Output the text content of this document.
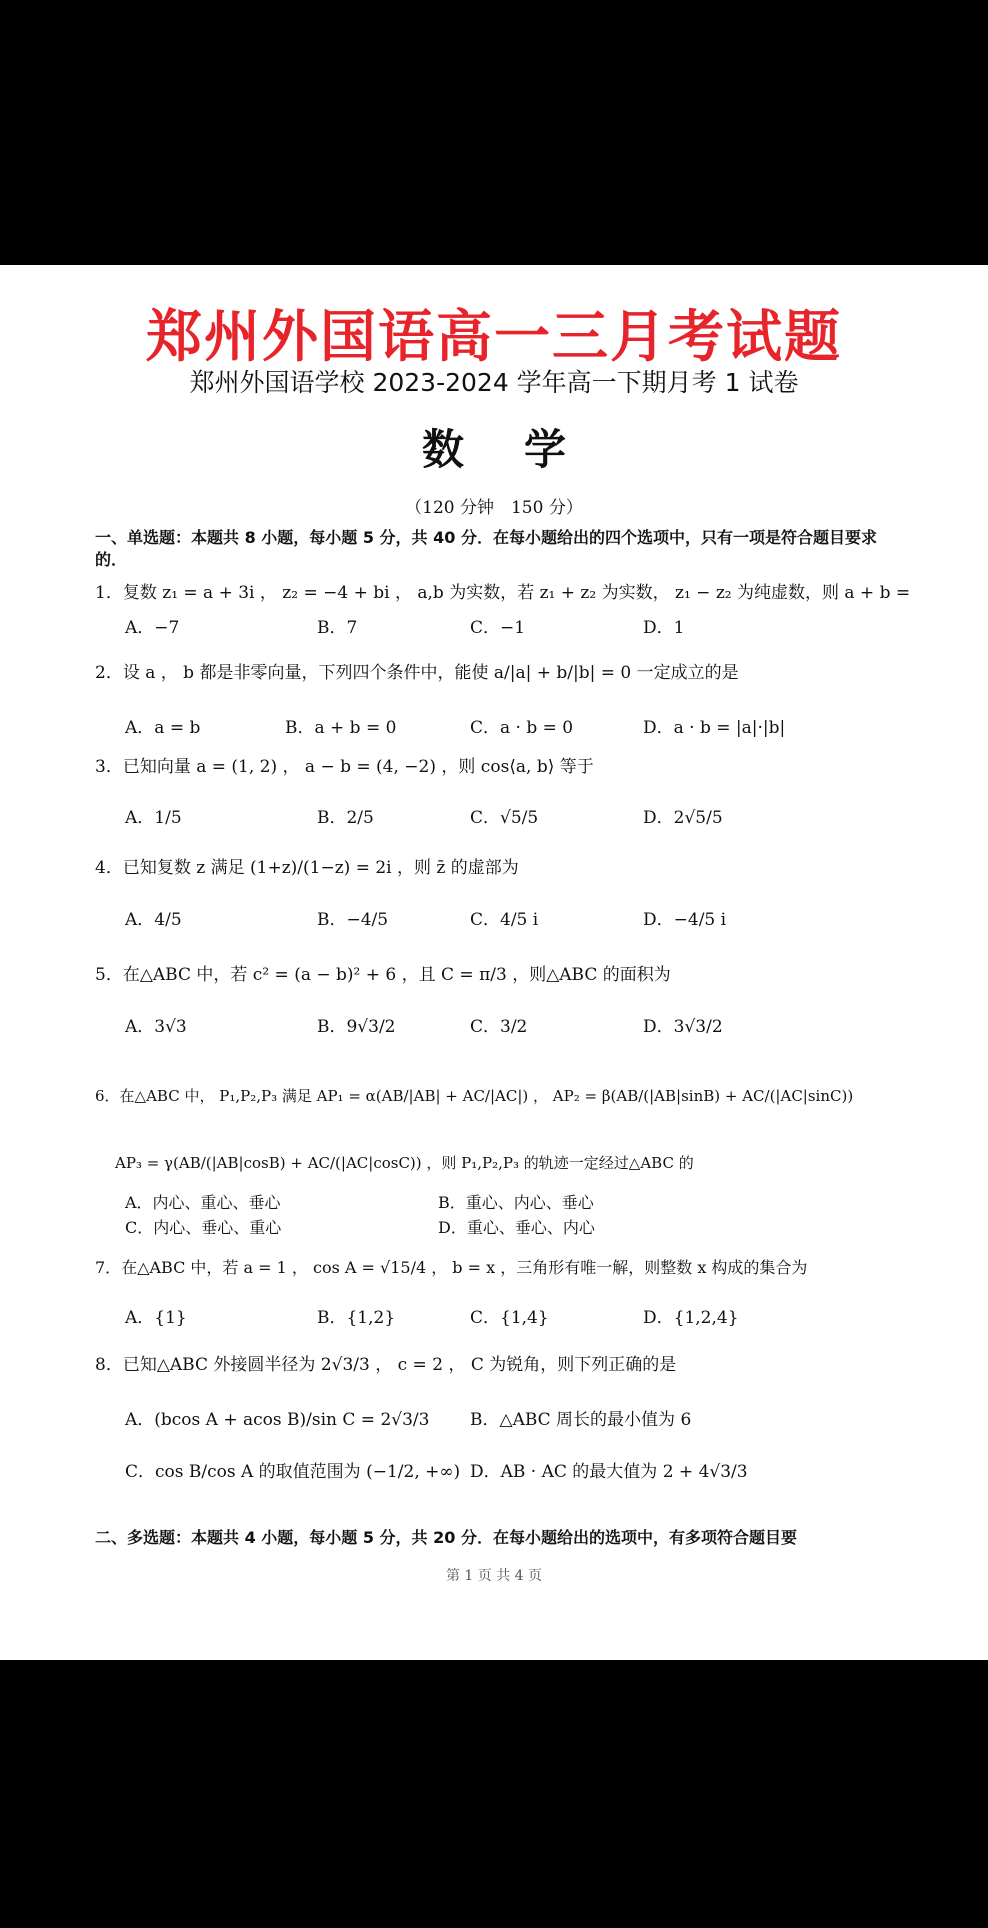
郑州外国语高一三月考试题
郑州外国语学校 2023-2024 学年高一下期月考 1 试卷
数学
（120 分钟　150 分）
一、单选题：本题共 8 小题，每小题 5 分，共 40 分．在每小题给出的四个选项中，只有一项是符合题目要求的．
1．复数 z₁ = a + 3i ， z₂ = −4 + bi ， a,b 为实数，若 z₁ + z₂ 为实数， z₁ − z₂ 为纯虚数，则 a + b =
A．−7	B．7	C．−1	D．1
2．设 a ， b 都是非零向量，下列四个条件中，能使 a/|a| + b/|b| = 0 一定成立的是
A．a = b	B．a + b = 0	C．a · b = 0	D．a · b = |a|·|b|
3．已知向量 a = (1, 2) ， a − b = (4, −2) ，则 cos⟨a, b⟩ 等于
A．1/5	B．2/5	C．√5/5	D．2√5/5
4．已知复数 z 满足 (1+z)/(1−z) = 2i ，则 z̄ 的虚部为
A．4/5	B．−4/5	C．4/5 i	D．−4/5 i
5．在△ABC 中，若 c² = (a − b)² + 6 ，且 C = π/3 ，则△ABC 的面积为
A．3√3	B．9√3/2	C．3/2	D．3√3/2
6．在△ABC 中， P₁,P₂,P₃ 满足 AP₁ = α(AB/|AB| + AC/|AC|) ， AP₂ = β(AB/(|AB|sinB) + AC/(|AC|sinC))
AP₃ = γ(AB/(|AB|cosB) + AC/(|AC|cosC)) ，则 P₁,P₂,P₃ 的轨迹一定经过△ABC 的
A．内心、重心、垂心	B．重心、内心、垂心
C．内心、垂心、重心	D．重心、垂心、内心
7．在△ABC 中，若 a = 1 ， cos A = √15/4 ， b = x ，三角形有唯一解，则整数 x 构成的集合为
A．{1}	B．{1,2}	C．{1,4}	D．{1,2,4}
8．已知△ABC 外接圆半径为 2√3/3 ， c = 2 ， C 为锐角，则下列正确的是
A．(bcos A + acos B)/sin C = 2√3/3 B．△ABC 周长的最小值为 6
C．cos B/cos A 的取值范围为 (−1/2, +∞) D．AB · AC 的最大值为 2 + 4√3/3
二、多选题：本题共 4 小题，每小题 5 分，共 20 分．在每小题给出的选项中，有多项符合题目要
第 1 页 共 4 页
